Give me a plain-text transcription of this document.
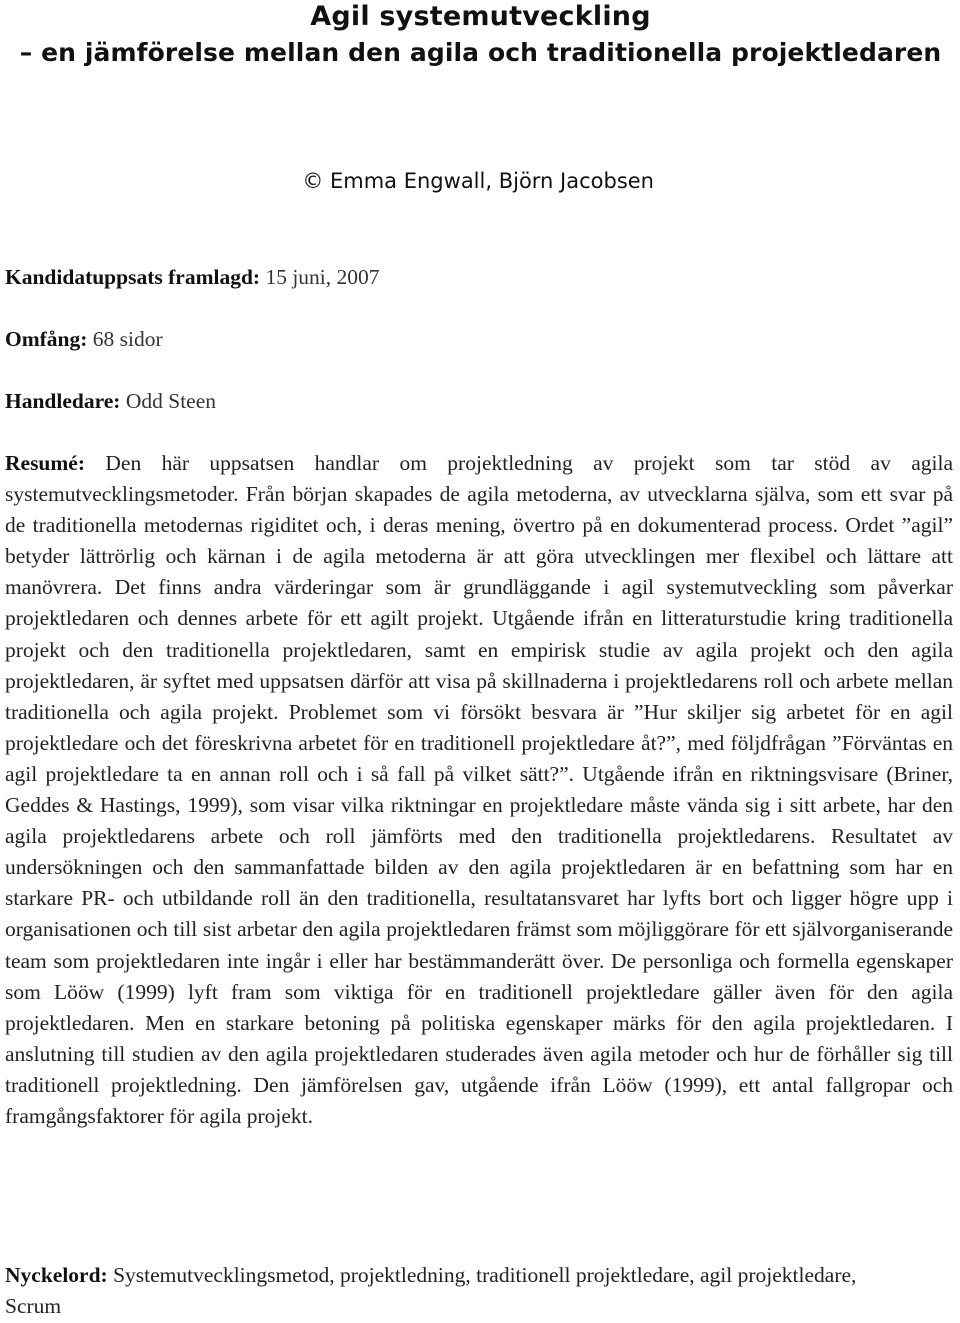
Agil systemutveckling
– en jämförelse mellan den agila och traditionella projektledaren

© Emma Engwall, Björn Jacobsen

Kandidatuppsats framlagd: 15 juni, 2007

Omfång: 68 sidor

Handledare: Odd Steen

Resumé: Den här uppsatsen handlar om projektledning av projekt som tar stöd av agila systemutvecklingsmetoder. Från början skapades de agila metoderna, av utvecklarna själva, som ett svar på de traditionella metodernas rigiditet och, i deras mening, övertro på en dokumenterad process. Ordet ”agil” betyder lättrörlig och kärnan i de agila metoderna är att göra utvecklingen mer flexibel och lättare att manövrera. Det finns andra värderingar som är grundläggande i agil systemutveckling som påverkar projektledaren och dennes arbete för ett agilt projekt. Utgående ifrån en litteraturstudie kring traditionella projekt och den traditionella projektledaren, samt en empirisk studie av agila projekt och den agila projektledaren, är syftet med uppsatsen därför att visa på skillnaderna i projektledarens roll och arbete mellan traditionella och agila projekt. Problemet som vi försökt besvara är ”Hur skiljer sig arbetet för en agil projektledare och det föreskrivna arbetet för en traditionell projektledare åt?”, med följdfrågan ”Förväntas en agil projektledare ta en annan roll och i så fall på vilket sätt?”. Utgående ifrån en riktningsvisare (Briner, Geddes & Hastings, 1999), som visar vilka riktningar en projektledare måste vända sig i sitt arbete, har den agila projektledarens arbete och roll jämförts med den traditionella projektledarens. Resultatet av undersökningen och den sammanfattade bilden av den agila projektledaren är en befattning som har en starkare PR- och utbildande roll än den traditionella, resultatansvaret har lyfts bort och ligger högre upp i organisationen och till sist arbetar den agila projektledaren främst som möjliggörare för ett självorganiserande team som projektledaren inte ingår i eller har bestämmanderätt över. De personliga och formella egenskaper som Lööw (1999) lyft fram som viktiga för en traditionell projektledare gäller även för den agila projektledaren. Men en starkare betoning på politiska egenskaper märks för den agila projektledaren. I anslutning till studien av den agila projektledaren studerades även agila metoder och hur de förhåller sig till traditionell projektledning. Den jämförelsen gav, utgående ifrån Lööw (1999), ett antal fallgropar och framgångsfaktorer för agila projekt.

Nyckelord: Systemutvecklingsmetod, projektledning, traditionell projektledare, agil projektledare, Scrum
